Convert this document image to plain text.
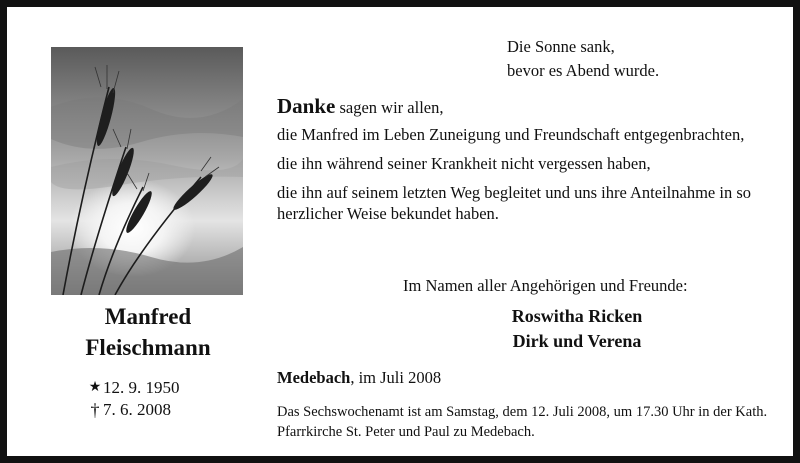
Manfred
Fleischmann
★ 12. 9. 1950
† 7. 6. 2008
Die Sonne sank,
bevor es Abend wurde.
Danke sagen wir allen,

die Manfred im Leben Zuneigung und Freundschaft entgegenbrachten,

die ihn während seiner Krankheit nicht vergessen haben,

die ihn auf seinem letzten Weg begleitet und uns ihre Anteilnahme in so herzlicher Weise bekundet haben.

Im Namen aller Angehörigen und Freunde:
Roswitha Ricken
Dirk und Verena
Medebach, im Juli 2008
Das Sechswochenamt ist am Samstag, dem 12. Juli 2008, um 17.30 Uhr in der Kath. Pfarrkirche St. Peter und Paul zu Medebach.
